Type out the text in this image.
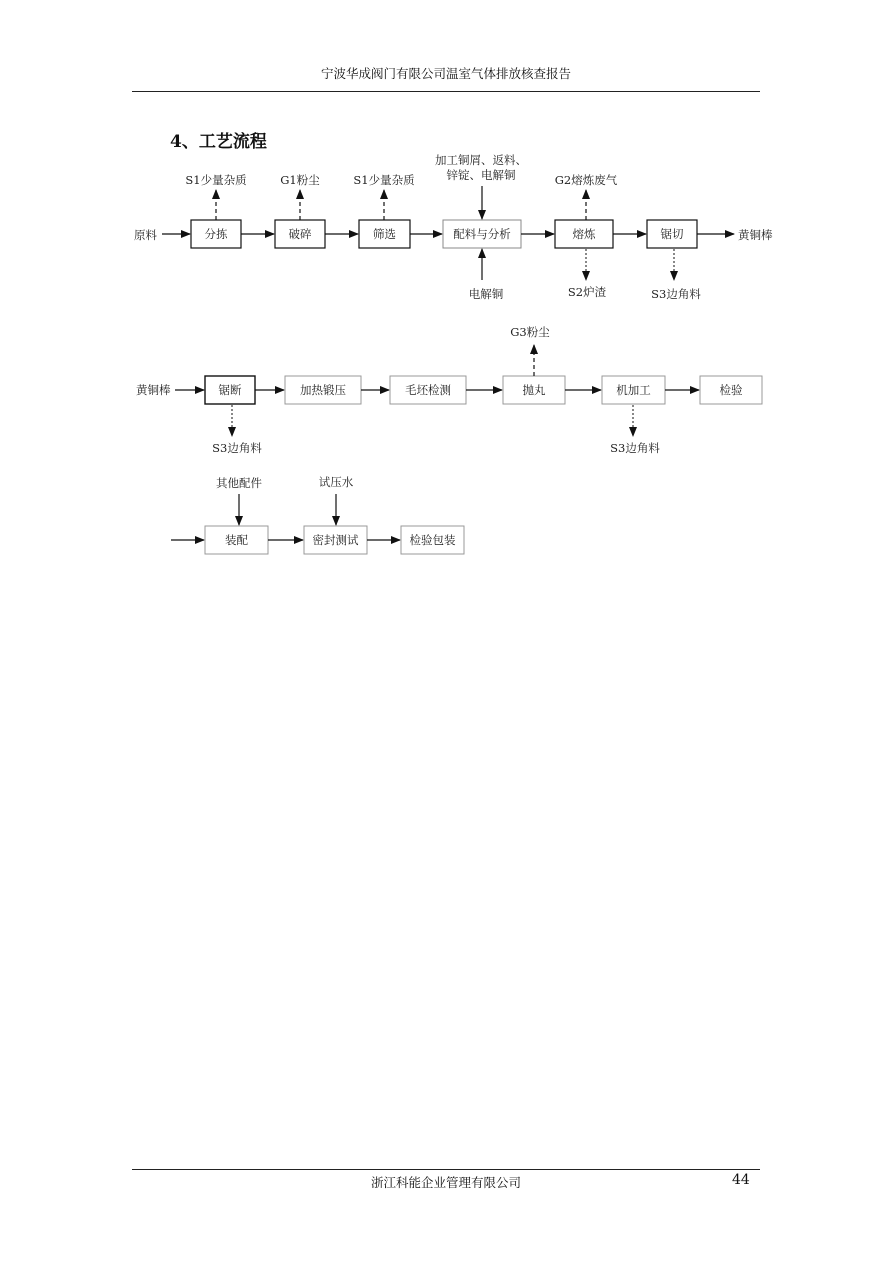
宁波华成阀门有限公司温室气体排放核查报告
4、工艺流程
原料	分拣	破碎	筛选	配料与分析	熔炼	锯切	黄铜棒
S1少量杂质	G1粉尘	S1少量杂质	G2熔炼废气
加工铜屑、返料、
锌锭、电解铜
电解铜	S2炉渣	S3边角料
黄铜棒	锯断	加热锻压	毛坯检测	抛丸	机加工	检验
G3粉尘
S3边角料	S3边角料
装配	密封测试	检验包装
其他配件	试压水
浙江科能企业管理有限公司	44
